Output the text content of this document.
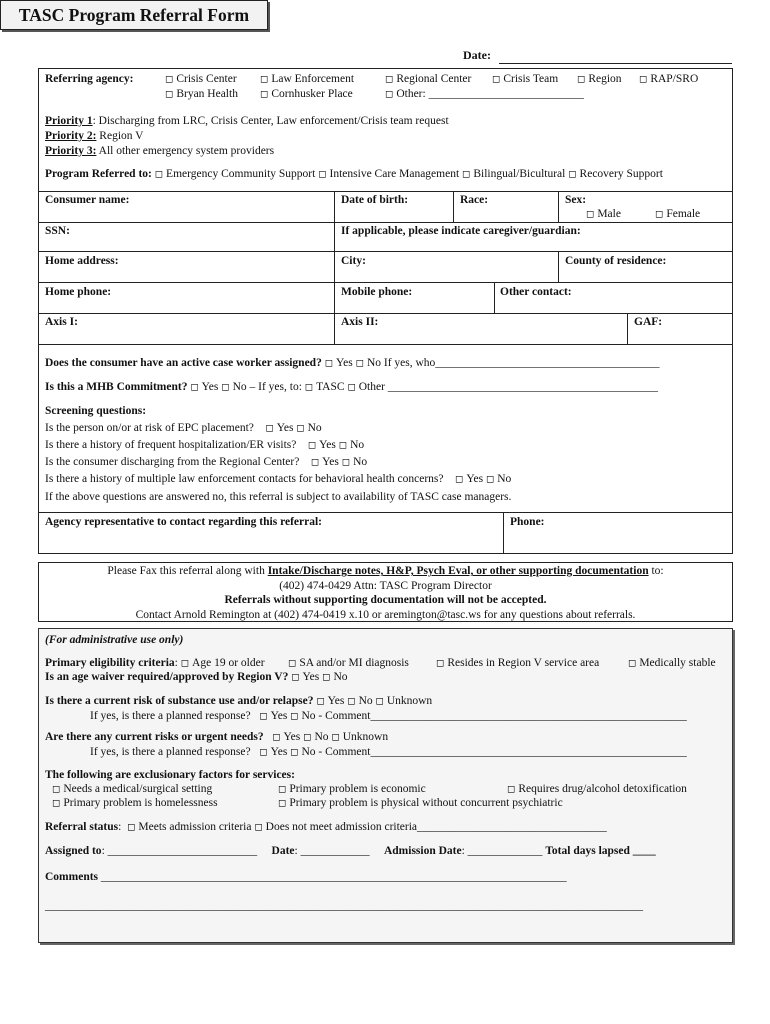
TASC Program Referral Form
Date:
Referring agency:	◻ Crisis Center ◻ Law Enforcement	◻ Regional Center ◻ Crisis Team ◻ Region ◻ RAP/SRO
◻ Bryan Health ◻ Cornhusker Place	◻ Other: ___________________________
Priority 1: Discharging from LRC, Crisis Center, Law enforcement/Crisis team request
Priority 2: Region V
Priority 3: All other emergency system providers
Program Referred to: ◻ Emergency Community Support ◻ Intensive Care Management ◻ Bilingual/Bicultural ◻ Recovery Support
Consumer name:	Date of birth:	Race:	Sex:
◻ Male	◻ Female
SSN:	If applicable, please indicate caregiver/guardian:
Home address:	City:	County of residence:
Home phone:	Mobile phone:	Other contact:
Axis I:	Axis II:	GAF:
Does the consumer have an active case worker assigned? ◻ Yes ◻ No If yes, who_______________________________________
Is this a MHB Commitment? ◻ Yes ◻ No – If yes, to: ◻ TASC ◻ Other _______________________________________________
Screening questions:
Is the person on/or at risk of EPC placement? ◻ Yes ◻ No
Is there a history of frequent hospitalization/ER visits? ◻ Yes ◻ No
Is the consumer discharging from the Regional Center? ◻ Yes ◻ No
Is there a history of multiple law enforcement contacts for behavioral health concerns? ◻ Yes ◻ No
If the above questions are answered no, this referral is subject to availability of TASC case managers.
Agency representative to contact regarding this referral:	Phone:
Please Fax this referral along with Intake/Discharge notes, H&P, Psych Eval, or other supporting documentation to:
(402) 474-0429 Attn: TASC Program Director
Referrals without supporting documentation will not be accepted.
Contact Arnold Remington at (402) 474-0419 x.10 or aremington@tasc.ws for any questions about referrals.
(For administrative use only)
Primary eligibility criteria: ◻ Age 19 or older ◻ SA and/or MI diagnosis	◻ Resides in Region V service area	◻ Medically stable
Is an age waiver required/approved by Region V? ◻ Yes ◻ No
Is there a current risk of substance use and/or relapse? ◻ Yes ◻ No ◻ Unknown
If yes, is there a planned response? ◻ Yes ◻ No - Comment_______________________________________________________
Are there any current risks or urgent needs? ◻ Yes ◻ No ◻ Unknown
If yes, is there a planned response? ◻ Yes ◻ No - Comment_______________________________________________________
The following are exclusionary factors for services:
◻ Needs a medical/surgical setting	◻ Primary problem is economic	◻ Requires drug/alcohol detoxification
◻ Primary problem is homelessness	◻ Primary problem is physical without concurrent psychiatric
Referral status:  ◻ Meets admission criteria ◻ Does not meet admission criteria_________________________________
Assigned to: __________________________ Date: ____________ Admission Date: _____________ Total days lapsed ____
Comments _________________________________________________________________________________
________________________________________________________________________________________________________
